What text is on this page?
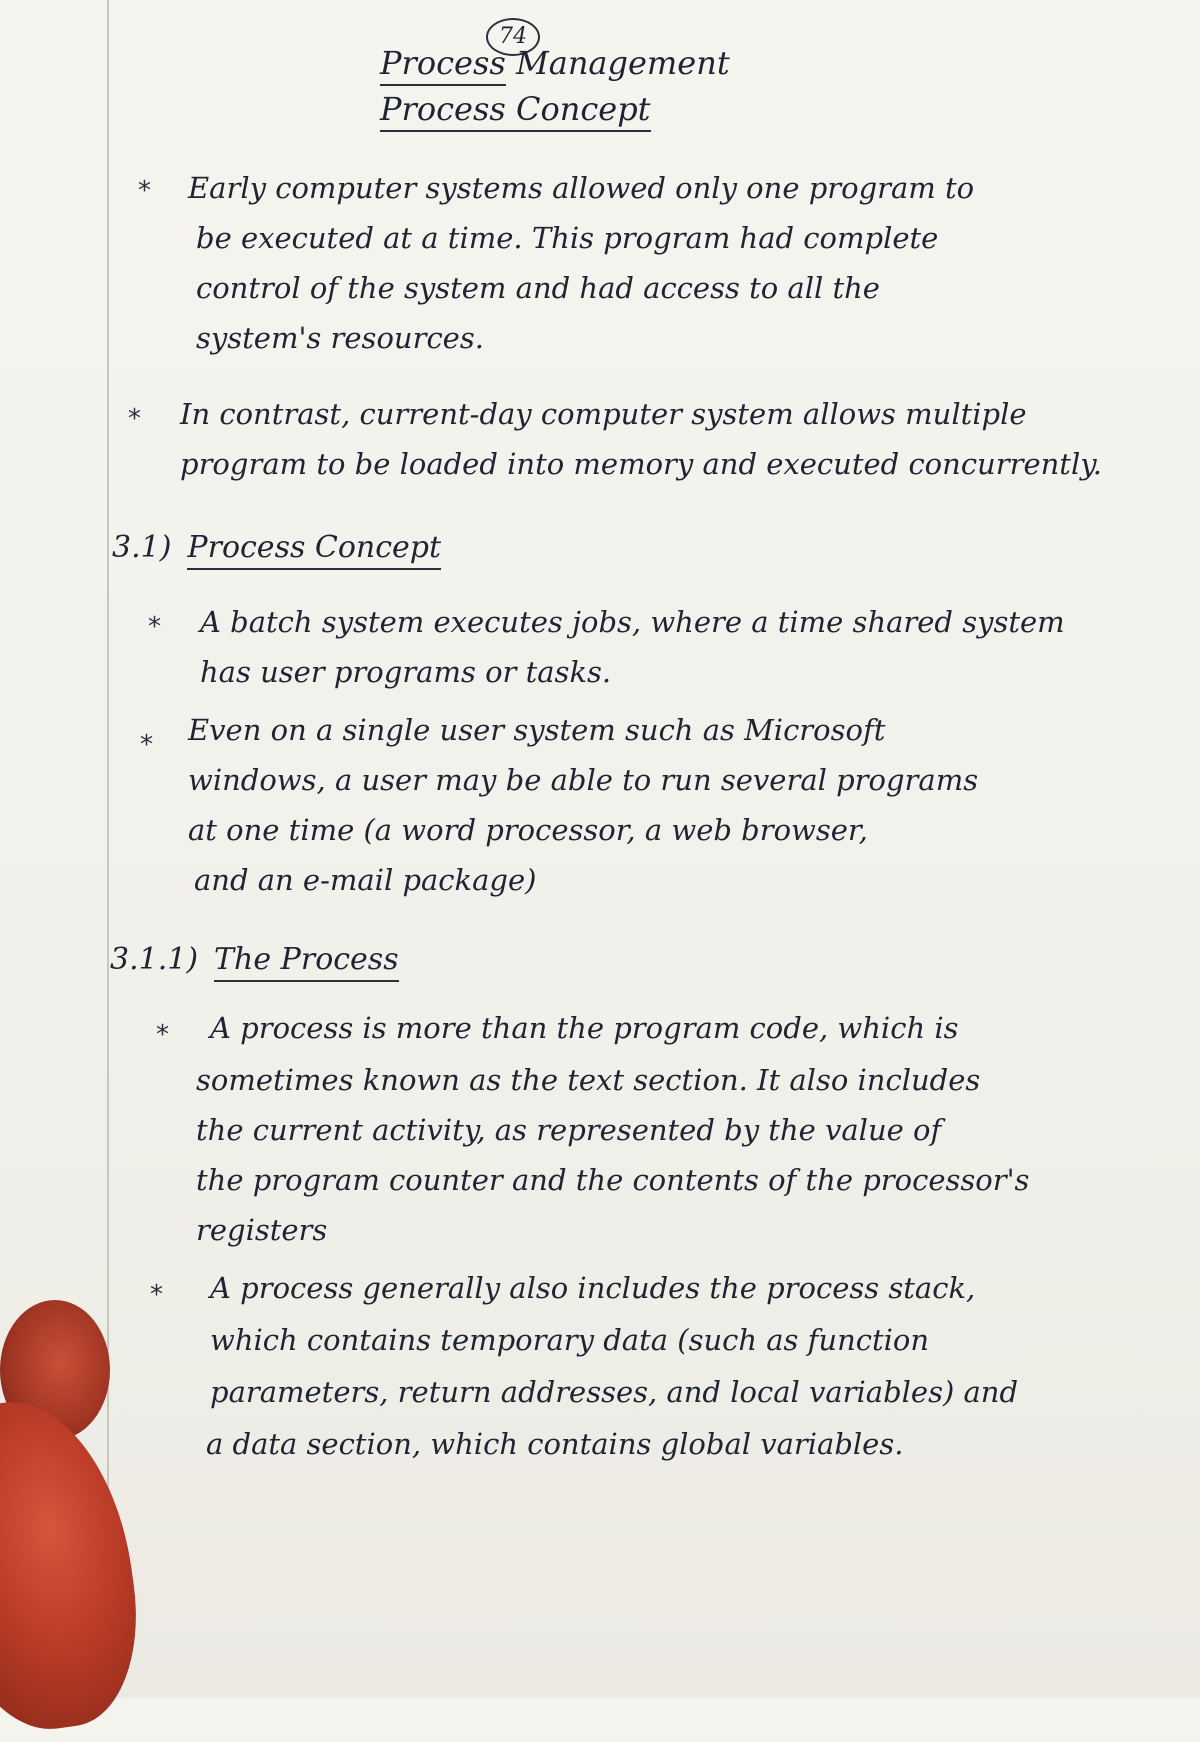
74
Process Management
Process Concept
* Early computer systems allowed only one program to
be executed at a time. This program had complete
control of the system and had access to all the
system's resources.
* In contrast, current-day computer system allows multiple
program to be loaded into memory and executed concurrently.
3.1) Process Concept
* A batch system executes jobs, where a time shared system
has user programs or tasks.
* Even on a single user system such as Microsoft
windows, a user may be able to run several programs
at one time (a word processor, a web browser,
and an e-mail package)
3.1.1) The Process
* A process is more than the program code, which is
sometimes known as the text section. It also includes
the current activity, as represented by the value of
the program counter and the contents of the processor's
registers
* A process generally also includes the process stack,
which contains temporary data (such as function
parameters, return addresses, and local variables) and
a data section, which contains global variables.
